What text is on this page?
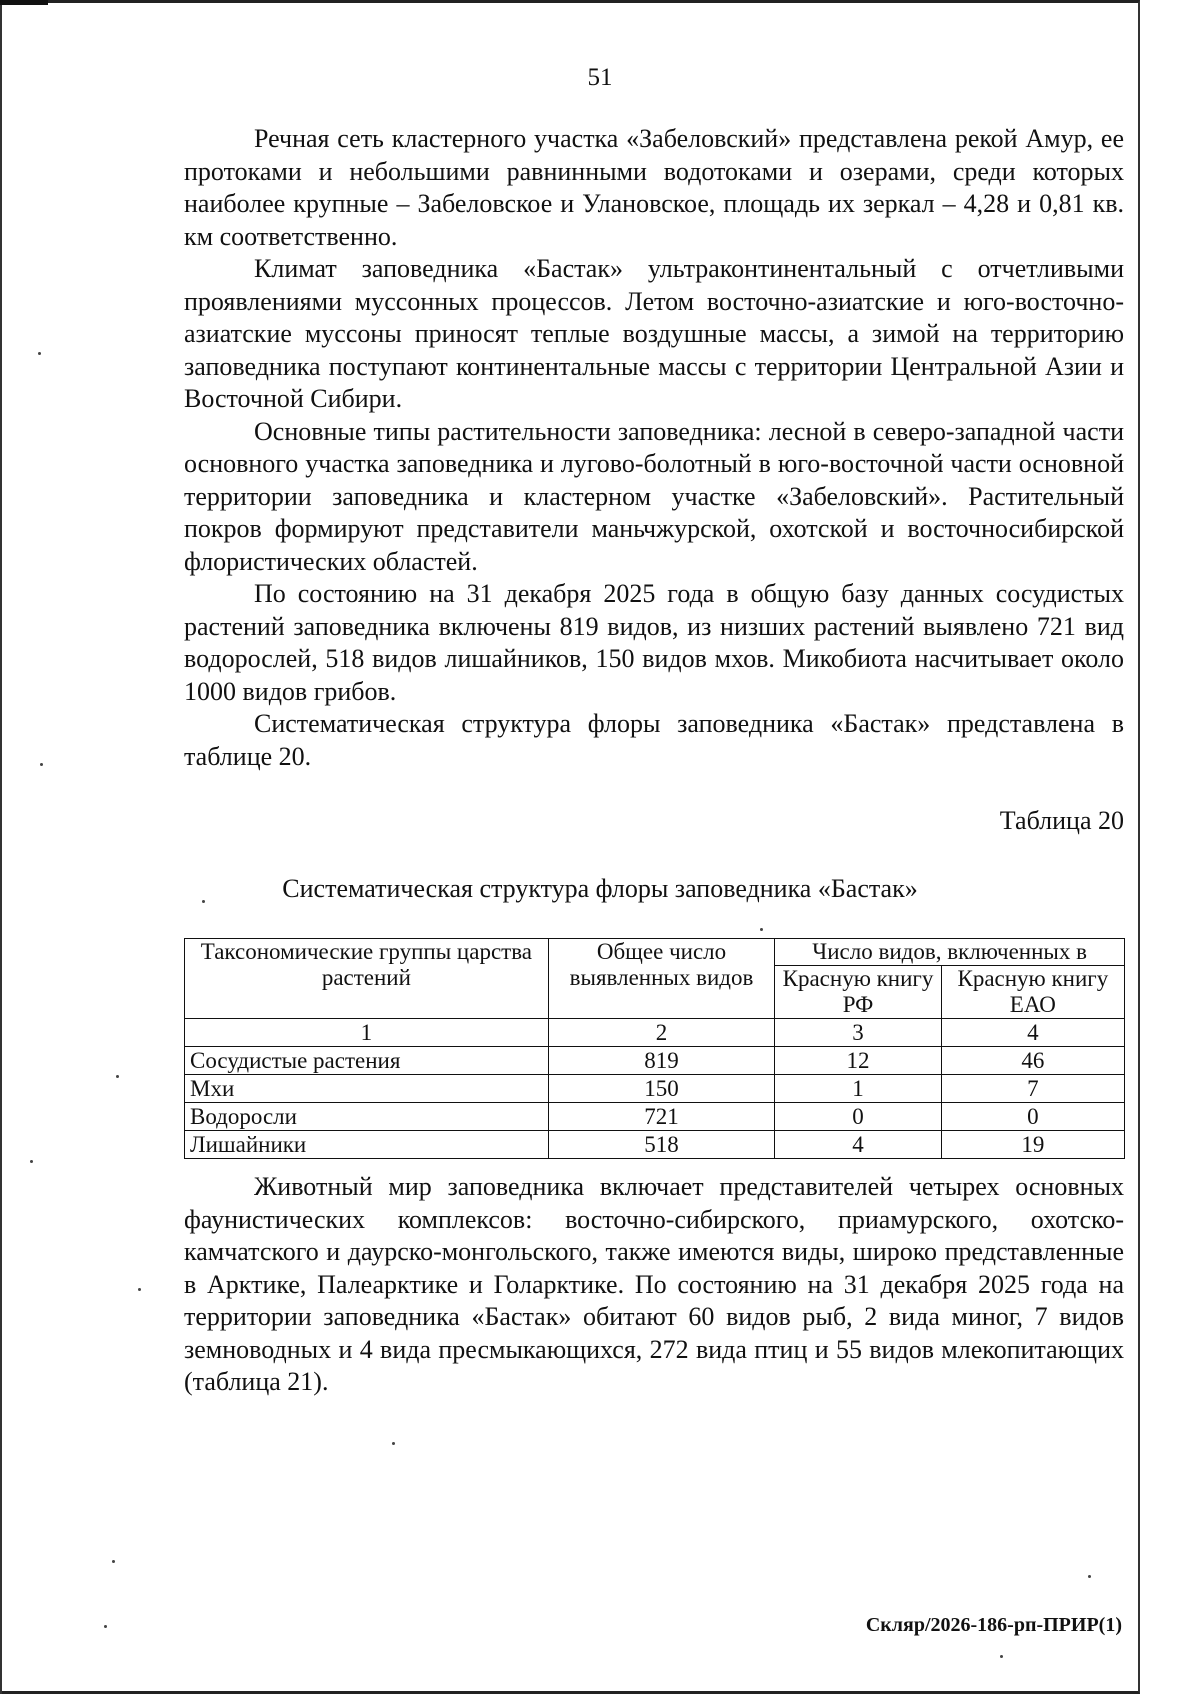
51

Речная сеть кластерного участка «Забеловский» представлена рекой Амур, ее протоками и небольшими равнинными водотоками и озерами, среди которых наиболее крупные – Забеловское и Улановское, площадь их зеркал – 4,28 и 0,81 кв. км соответственно.

Климат заповедника «Бастак» ультраконтинентальный с отчетливыми проявлениями муссонных процессов. Летом восточно-азиатские и юго-восточно-азиатские муссоны приносят теплые воздушные массы, а зимой на территорию заповедника поступают континентальные массы с территории Центральной Азии и Восточной Сибири.

Основные типы растительности заповедника: лесной в северо-западной части основного участка заповедника и лугово-болотный в юго-восточной части основной территории заповедника и кластерном участке «Забеловский». Растительный покров формируют представители маньчжурской, охотской и восточносибирской флористических областей.

По состоянию на 31 декабря 2025 года в общую базу данных сосудистых растений заповедника включены 819 видов, из низших растений выявлено 721 вид водорослей, 518 видов лишайников, 150 видов мхов. Микобиота насчитывает около 1000 видов грибов.

Систематическая структура флоры заповедника «Бастак» представлена в таблице 20.

Таблица 20
Систематическая структура флоры заповедника «Бастак»
Таксономические группы царства растений	Общее число выявленных видов	Число видов, включенных в	
		Красную книгу РФ	Красную книгу ЕАО
1	2	3	4
Сосудистые растения	819	12	46
Мхи	150	1	7
Водоросли	721	0	0
Лишайники	518	4	19

Животный мир заповедника включает представителей четырех основных фаунистических комплексов: восточно-сибирского, приамурского, охотско-камчатского и даурско-монгольского, также имеются виды, широко представленные в Арктике, Палеарктике и Голарктике. По состоянию на 31 декабря 2025 года на территории заповедника «Бастак» обитают 60 видов рыб, 2 вида миног, 7 видов земноводных и 4 вида пресмыкающихся, 272 вида птиц и 55 видов млекопитающих (таблица 21).

Скляр/2026-186-рп-ПРИР(1)
